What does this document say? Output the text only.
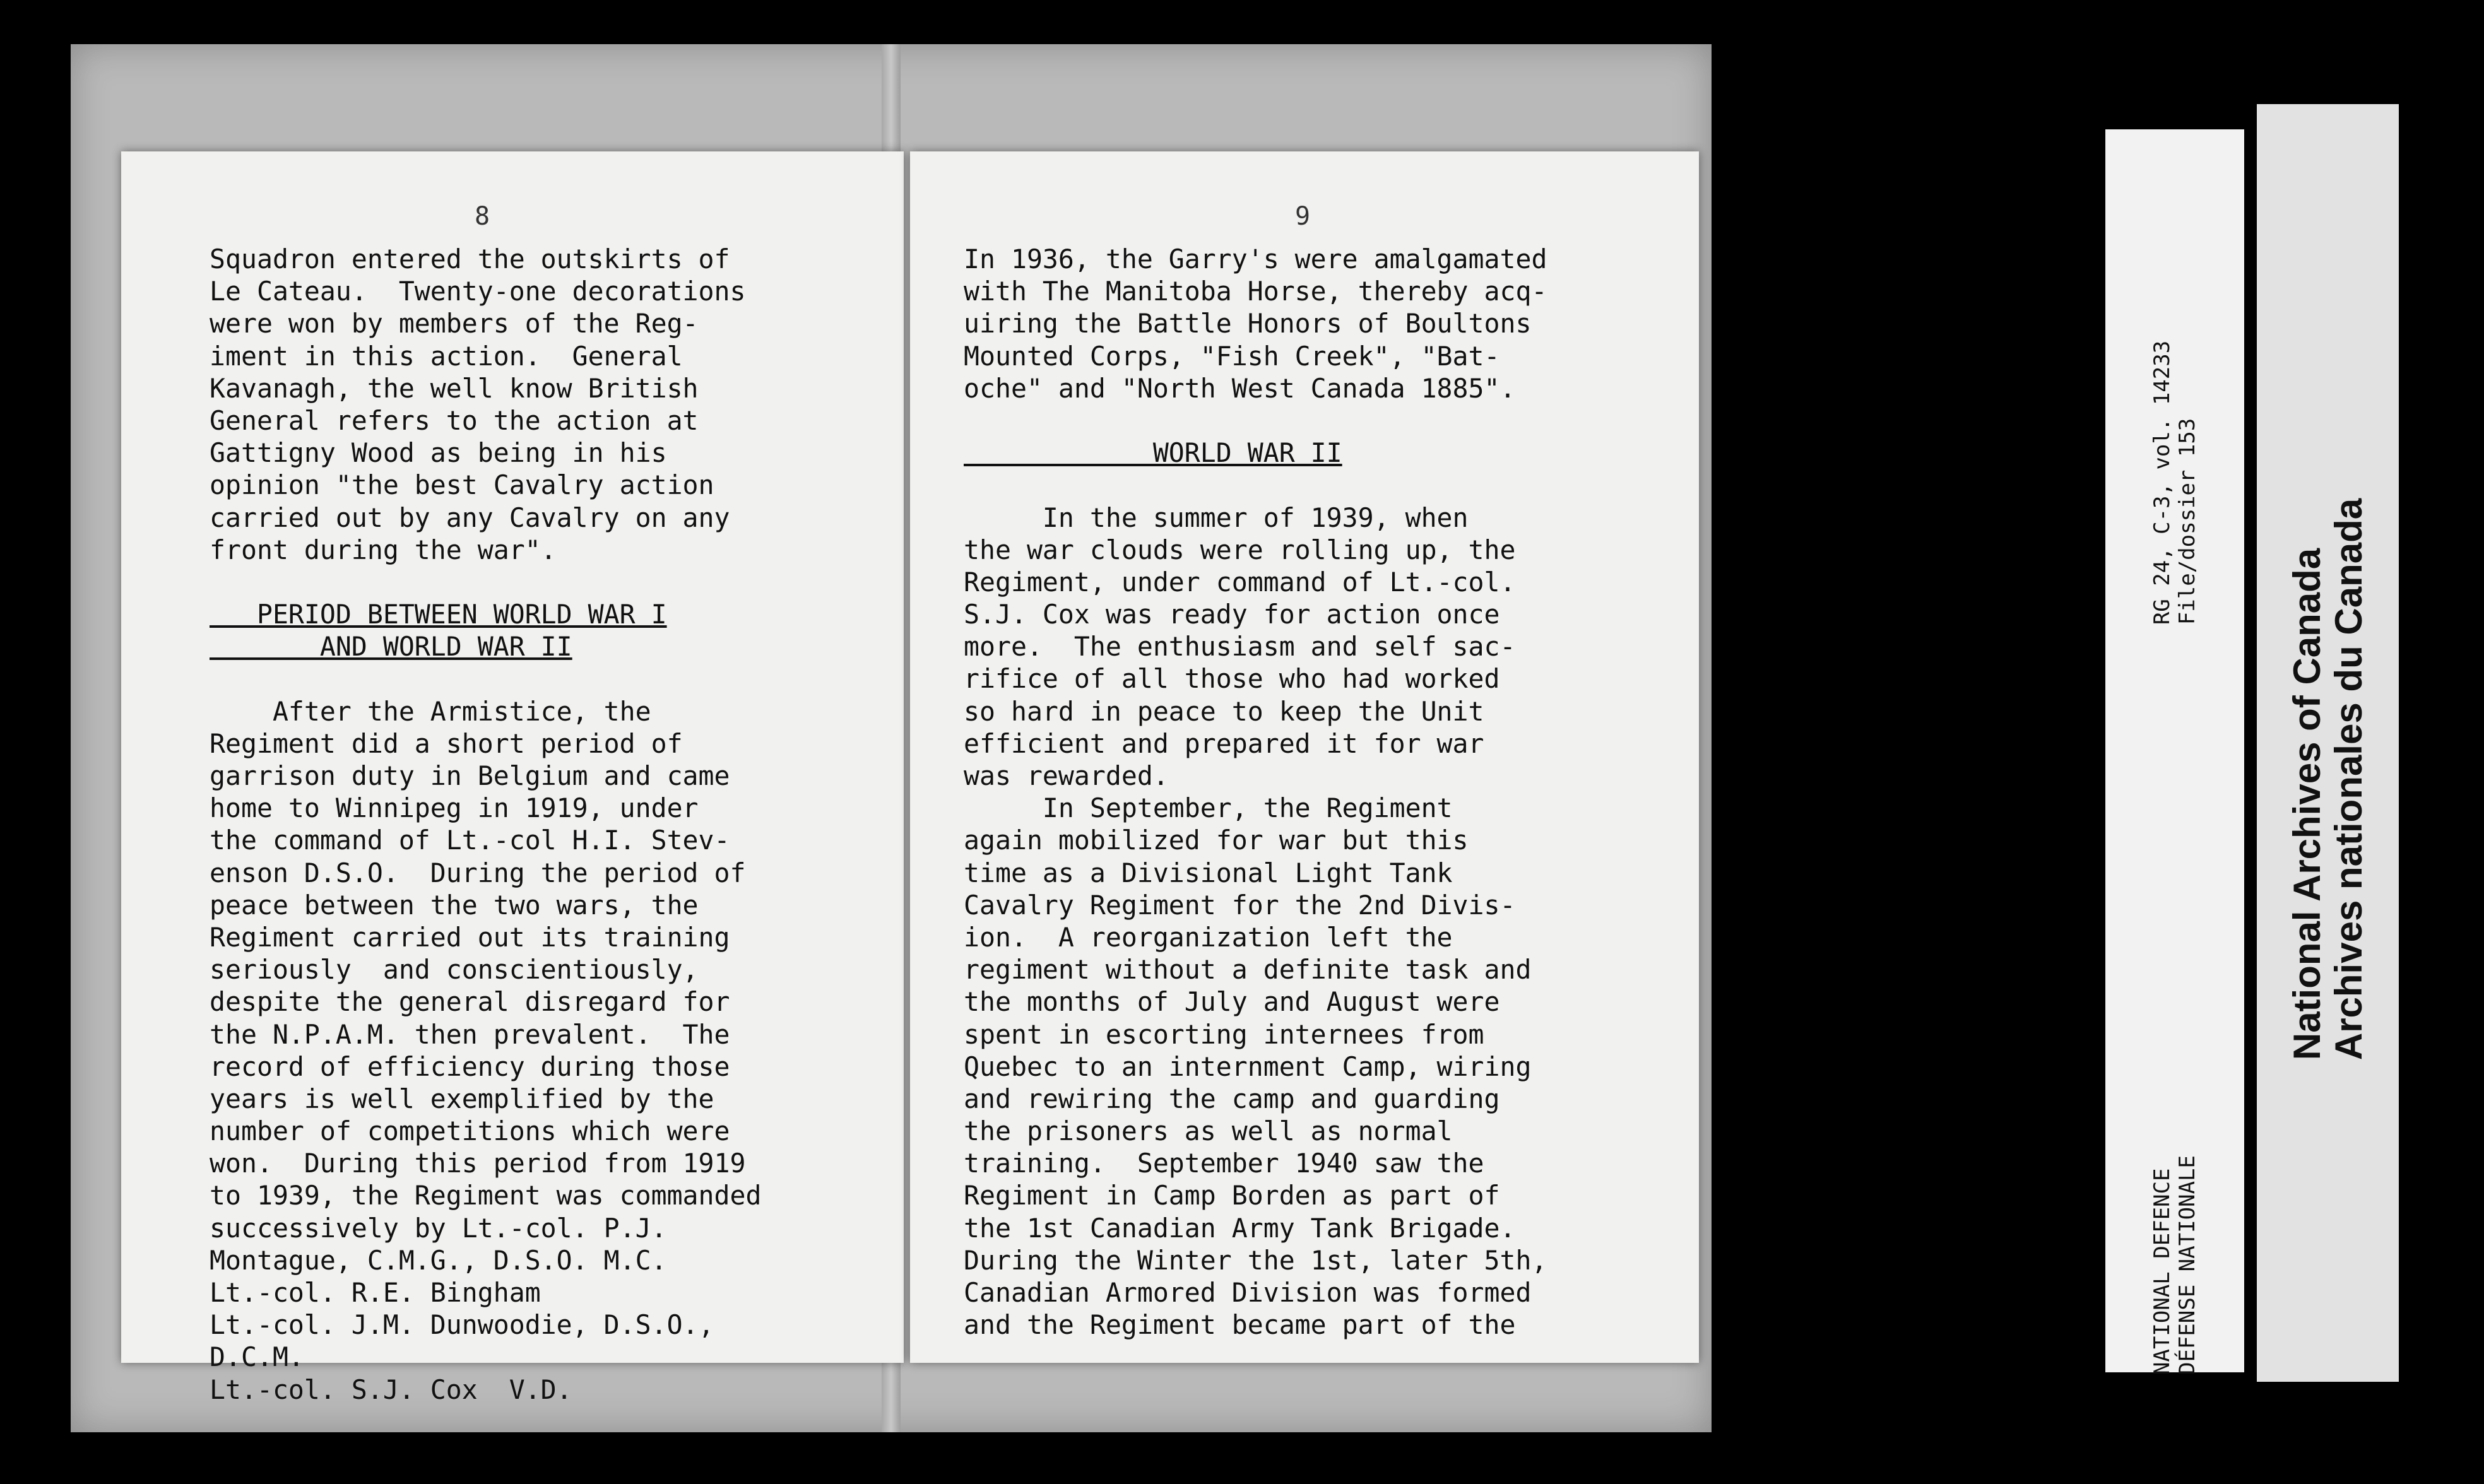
8
Squadron entered the outskirts of
Le Cateau.  Twenty-one decorations
were won by members of the Reg-
iment in this action.  General
Kavanagh, the well know British
General refers to the action at
Gattigny Wood as being in his
opinion "the best Cavalry action
carried out by any Cavalry on any
front during the war".
PERIOD BETWEEN WORLD WAR I
AND WORLD WAR II
After the Armistice, the
Regiment did a short period of
garrison duty in Belgium and came
home to Winnipeg in 1919, under
the command of Lt.-col H.I. Stev-
enson D.S.O.  During the period of
peace between the two wars, the
Regiment carried out its training
seriously  and conscientiously,
despite the general disregard for
the N.P.A.M. then prevalent.  The
record of efficiency during those
years is well exemplified by the
number of competitions which were
won.  During this period from 1919
to 1939, the Regiment was commanded
successively by Lt.-col. P.J.
Montague, C.M.G., D.S.O. M.C.
Lt.-col. R.E. Bingham
Lt.-col. J.M. Dunwoodie, D.S.O.,
D.C.M.
Lt.-col. S.J. Cox  V.D.
9
In 1936, the Garry's were amalgamated
with The Manitoba Horse, thereby acq-
uiring the Battle Honors of Boultons
Mounted Corps, "Fish Creek", "Bat-
oche" and "North West Canada 1885".
WORLD WAR II
In the summer of 1939, when
the war clouds were rolling up, the
Regiment, under command of Lt.-col.
S.J. Cox was ready for action once
more.  The enthusiasm and self sac-
rifice of all those who had worked
so hard in peace to keep the Unit
efficient and prepared it for war
was rewarded.
In September, the Regiment
again mobilized for war but this
time as a Divisional Light Tank
Cavalry Regiment for the 2nd Divis-
ion.  A reorganization left the
regiment without a definite task and
the months of July and August were
spent in escorting internees from
Quebec to an internment Camp, wiring
and rewiring the camp and guarding
the prisoners as well as normal
training.  September 1940 saw the
Regiment in Camp Borden as part of
the 1st Canadian Army Tank Brigade.
During the Winter the 1st, later 5th,
Canadian Armored Division was formed
and the Regiment became part of the
RG 24, C-3, vol. 14233 File/dossier 153
NATIONAL DEFENCE DÉFENSE NATIONALE
National Archives of Canada Archives nationales du Canada
